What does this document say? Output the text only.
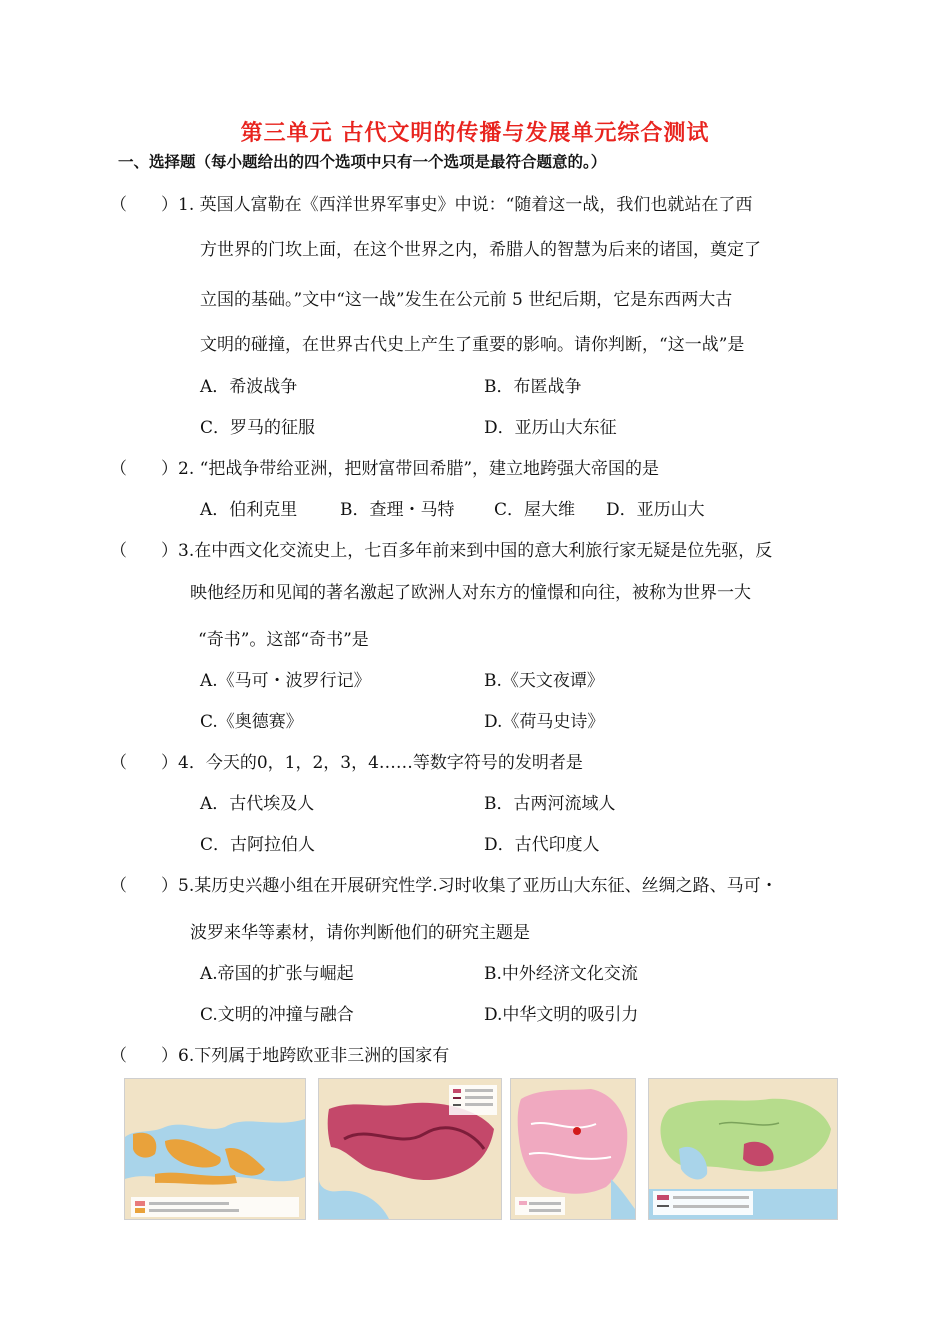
第三单元 古代文明的传播与发展单元综合测试
一、选择题（每小题给出的四个选项中只有一个选项是最符合题意的。）
（　　）1. 英国人富勒在《西洋世界军事史》中说：“随着这一战，我们也就站在了西
方世界的门坎上面，在这个世界之内，希腊人的智慧为后来的诸国，奠定了
立国的基础。”文中“这一战”发生在公元前 5 世纪后期，它是东西两大古
文明的碰撞，在世界古代史上产生了重要的影响。请你判断，“这一战”是
A．希波战争	B．布匿战争
C．罗马的征服	D．亚历山大东征
（　　）2. “把战争带给亚洲，把财富带回希腊”，建立地跨强大帝国的是
A．伯利克里	B．查理・马特 C．屋大维 D．亚历山大
（　　）3.在中西文化交流史上，七百多年前来到中国的意大利旅行家无疑是位先驱，反
映他经历和见闻的著名激起了欧洲人对东方的憧憬和向往，被称为世界一大
“奇书”。这部“奇书”是
A.《马可・波罗行记》	B.《天文夜谭》
C.《奥德赛》	D.《荷马史诗》
（　　）4．今天的0，1，2，3，4……等数字符号的发明者是
A．古代埃及人	B．古两河流域人
C．古阿拉伯人	D．古代印度人
（　　）5.某历史兴趣小组在开展研究性学.习时收集了亚历山大东征、丝绸之路、马可・
波罗来华等素材，请你判断他们的研究主题是
A.帝国的扩张与崛起	B.中外经济文化交流
C.文明的冲撞与融合	D.中华文明的吸引力
（　　）6.下列属于地跨欧亚非三洲的国家有
